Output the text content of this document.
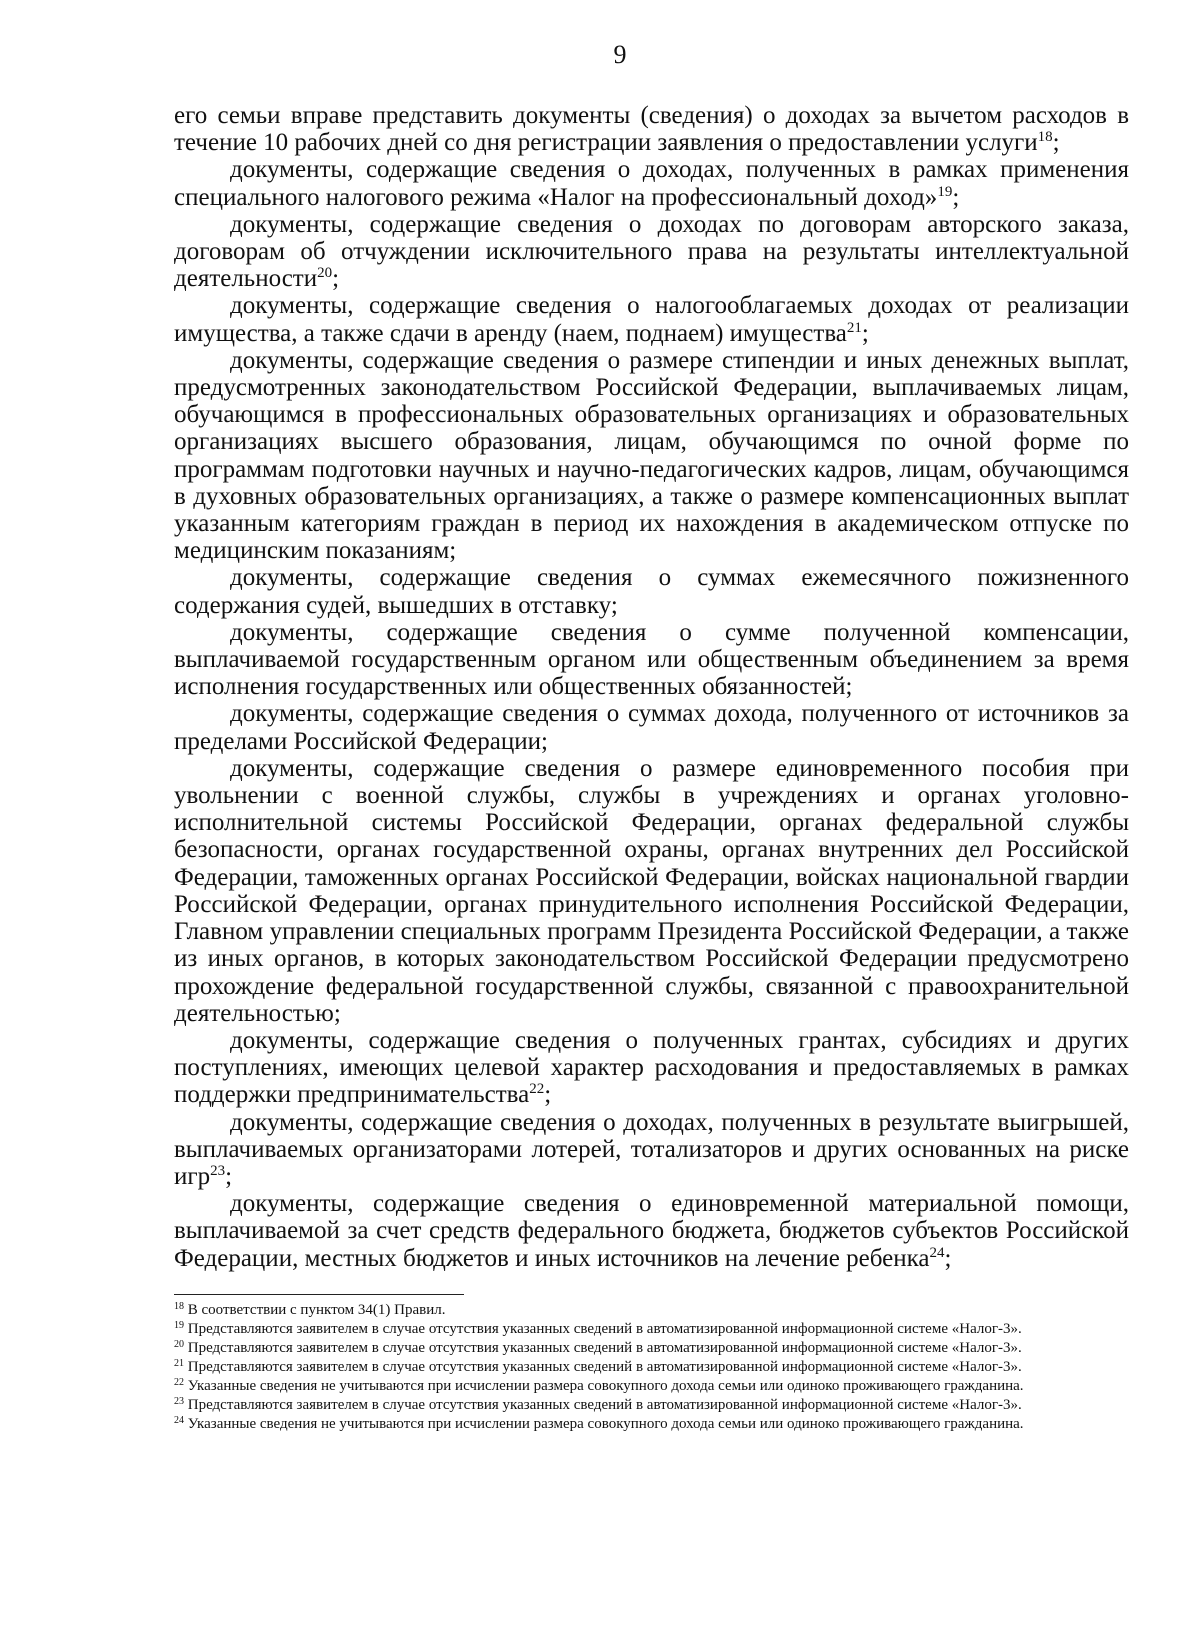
9

его семьи вправе представить документы (сведения) о доходах за вычетом расходов в течение 10 рабочих дней со дня регистрации заявления о предоставлении услуги$^{18}$;

документы, содержащие сведения о доходах, полученных в рамках применения специального налогового режима «Налог на профессиональный доход»$^{19}$;

документы, содержащие сведения о доходах по договорам авторского заказа, договорам об отчуждении исключительного права на результаты интеллектуальной деятельности$^{20}$;

документы, содержащие сведения о налогооблагаемых доходах от реализации имущества, а также сдачи в аренду (наем, поднаем) имущества$^{21}$;

документы, содержащие сведения о размере стипендии и иных денежных выплат, предусмотренных законодательством Российской Федерации, выплачиваемых лицам, обучающимся в профессиональных образовательных организациях и образовательных организациях высшего образования, лицам, обучающимся по очной форме по программам подготовки научных и научно-педагогических кадров, лицам, обучающимся в духовных образовательных организациях, а также о размере компенсационных выплат указанным категориям граждан в период их нахождения в академическом отпуске по медицинским показаниям;

документы, содержащие сведения о суммах ежемесячного пожизненного содержания судей, вышедших в отставку;

документы, содержащие сведения о сумме полученной компенсации, выплачиваемой государственным органом или общественным объединением за время исполнения государственных или общественных обязанностей;

документы, содержащие сведения о суммах дохода, полученного от источников за пределами Российской Федерации;

документы, содержащие сведения о размере единовременного пособия при увольнении с военной службы, службы в учреждениях и органах уголовно-исполнительной системы Российской Федерации, органах федеральной службы безопасности, органах государственной охраны, органах внутренних дел Российской Федерации, таможенных органах Российской Федерации, войсках национальной гвардии Российской Федерации, органах принудительного исполнения Российской Федерации, Главном управлении специальных программ Президента Российской Федерации, а также из иных органов, в которых законодательством Российской Федерации предусмотрено прохождение федеральной государственной службы, связанной с правоохранительной деятельностью;

документы, содержащие сведения о полученных грантах, субсидиях и других поступлениях, имеющих целевой характер расходования и предоставляемых в рамках поддержки предпринимательства$^{22}$;

документы, содержащие сведения о доходах, полученных в результате выигрышей, выплачиваемых организаторами лотерей, тотализаторов и других основанных на риске игр$^{23}$;

документы, содержащие сведения о единовременной материальной помощи, выплачиваемой за счет средств федерального бюджета, бюджетов субъектов Российской Федерации, местных бюджетов и иных источников на лечение ребенка$^{24}$;

$^{18}$ В соответствии с пунктом 34(1) Правил.

$^{19}$ Представляются заявителем в случае отсутствия указанных сведений в автоматизированной информационной системе «Налог-3».

$^{20}$ Представляются заявителем в случае отсутствия указанных сведений в автоматизированной информационной системе «Налог-3».

$^{21}$ Представляются заявителем в случае отсутствия указанных сведений в автоматизированной информационной системе «Налог-3».

$^{22}$ Указанные сведения не учитываются при исчислении размера совокупного дохода семьи или одиноко проживающего гражданина.

$^{23}$ Представляются заявителем в случае отсутствия указанных сведений в автоматизированной информационной системе «Налог-3».

$^{24}$ Указанные сведения не учитываются при исчислении размера совокупного дохода семьи или одиноко проживающего гражданина.
